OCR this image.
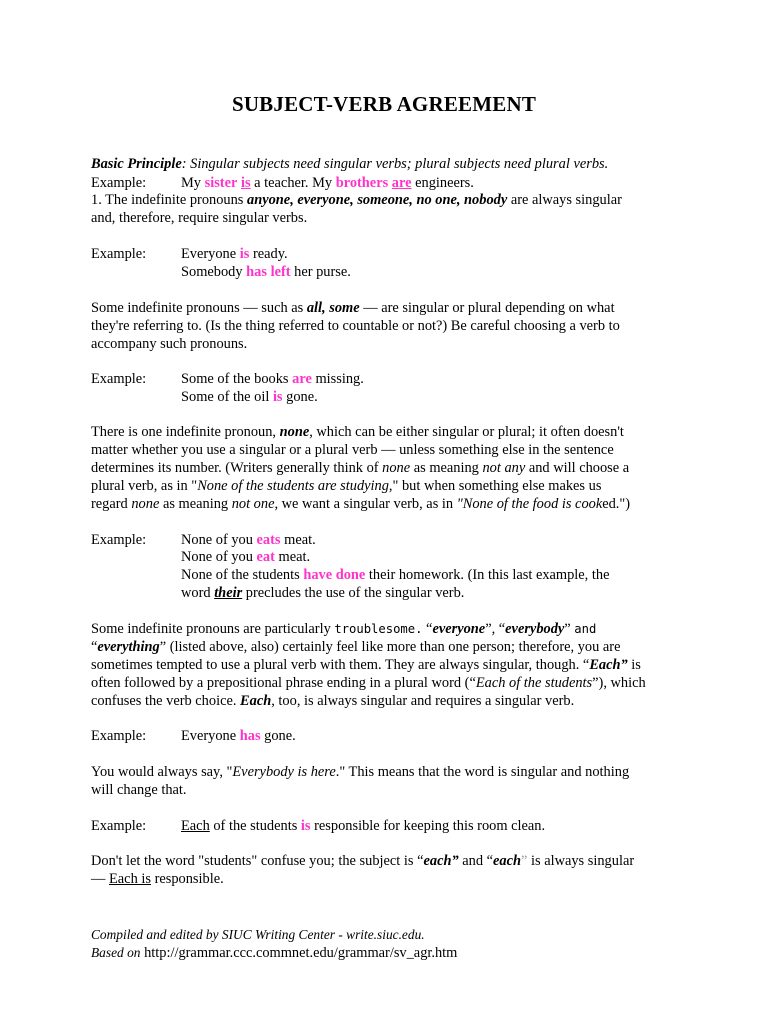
SUBJECT-VERB AGREEMENT
Basic Principle: Singular subjects need singular verbs; plural subjects need plural verbs.
Example: My sister is a teacher. My brothers are engineers.
1. The indefinite pronouns anyone, everyone, someone, no one, nobody are always singular
and, therefore, require singular verbs.
Example: Everyone is ready.
Somebody has left her purse.
Some indefinite pronouns — such as all, some — are singular or plural depending on what
they're referring to. (Is the thing referred to countable or not?) Be careful choosing a verb to
accompany such pronouns.
Example: Some of the books are missing.
Some of the oil is gone.
There is one indefinite pronoun, none, which can be either singular or plural; it often doesn't
matter whether you use a singular or a plural verb — unless something else in the sentence
determines its number. (Writers generally think of none as meaning not any and will choose a
plural verb, as in "None of the students are studying," but when something else makes us
regard none as meaning not one, we want a singular verb, as in "None of the food is cooked.")
Example: None of you eats meat.
None of you eat meat.
None of the students have done their homework. (In this last example, the
word their precludes the use of the singular verb.
Some indefinite pronouns are particularly troublesome. “everyone”, “everybody” and
“everything” (listed above, also) certainly feel like more than one person; therefore, you are
sometimes tempted to use a plural verb with them. They are always singular, though. “Each” is
often followed by a prepositional phrase ending in a plural word (“Each of the students”), which
confuses the verb choice. Each, too, is always singular and requires a singular verb.
Example: Everyone has gone.
You would always say, "Everybody is here." This means that the word is singular and nothing
will change that.
Example: Each of the students is responsible for keeping this room clean.
Don't let the word "students" confuse you; the subject is “each” and “each” is always singular
— Each is responsible.
Compiled and edited by SIUC Writing Center - write.siuc.edu.
Based on http://grammar.ccc.commnet.edu/grammar/sv_agr.htm
